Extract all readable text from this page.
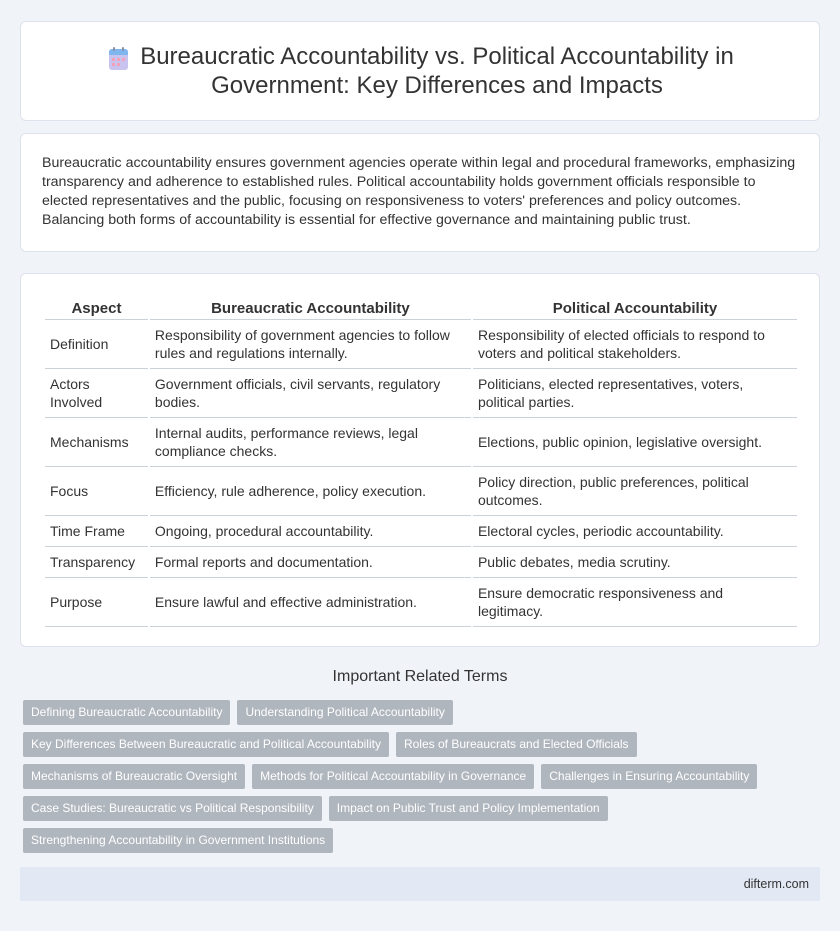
Bureaucratic Accountability vs. Political Accountability in
Government: Key Differences and Impacts

Bureaucratic accountability ensures government agencies operate within legal and procedural frameworks, emphasizing transparency and adherence to established rules. Political accountability holds government officials responsible to elected representatives and the public, focusing on responsiveness to voters' preferences and policy outcomes. Balancing both forms of accountability is essential for effective governance and maintaining public trust.

Aspect	Bureaucratic Accountability	Political Accountability
Definition	Responsibility of government agencies to follow rules and regulations internally.	Responsibility of elected officials to respond to voters and political stakeholders.
Actors Involved	Government officials, civil servants, regulatory bodies.	Politicians, elected representatives, voters, political parties.
Mechanisms	Internal audits, performance reviews, legal compliance checks.	Elections, public opinion, legislative oversight.
Focus	Efficiency, rule adherence, policy execution.	Policy direction, public preferences, political outcomes.
Time Frame	Ongoing, procedural accountability.	Electoral cycles, periodic accountability.
Transparency	Formal reports and documentation.	Public debates, media scrutiny.
Purpose	Ensure lawful and effective administration.	Ensure democratic responsiveness and legitimacy.
Important Related Terms
Defining Bureaucratic Accountability	Understanding Political Accountability
Key Differences Between Bureaucratic and Political Accountability	Roles of Bureaucrats and Elected Officials
Mechanisms of Bureaucratic Oversight	Methods for Political Accountability in Governance	Challenges in Ensuring Accountability
Case Studies: Bureaucratic vs Political Responsibility	Impact on Public Trust and Policy Implementation
Strengthening Accountability in Government Institutions
difterm.com
